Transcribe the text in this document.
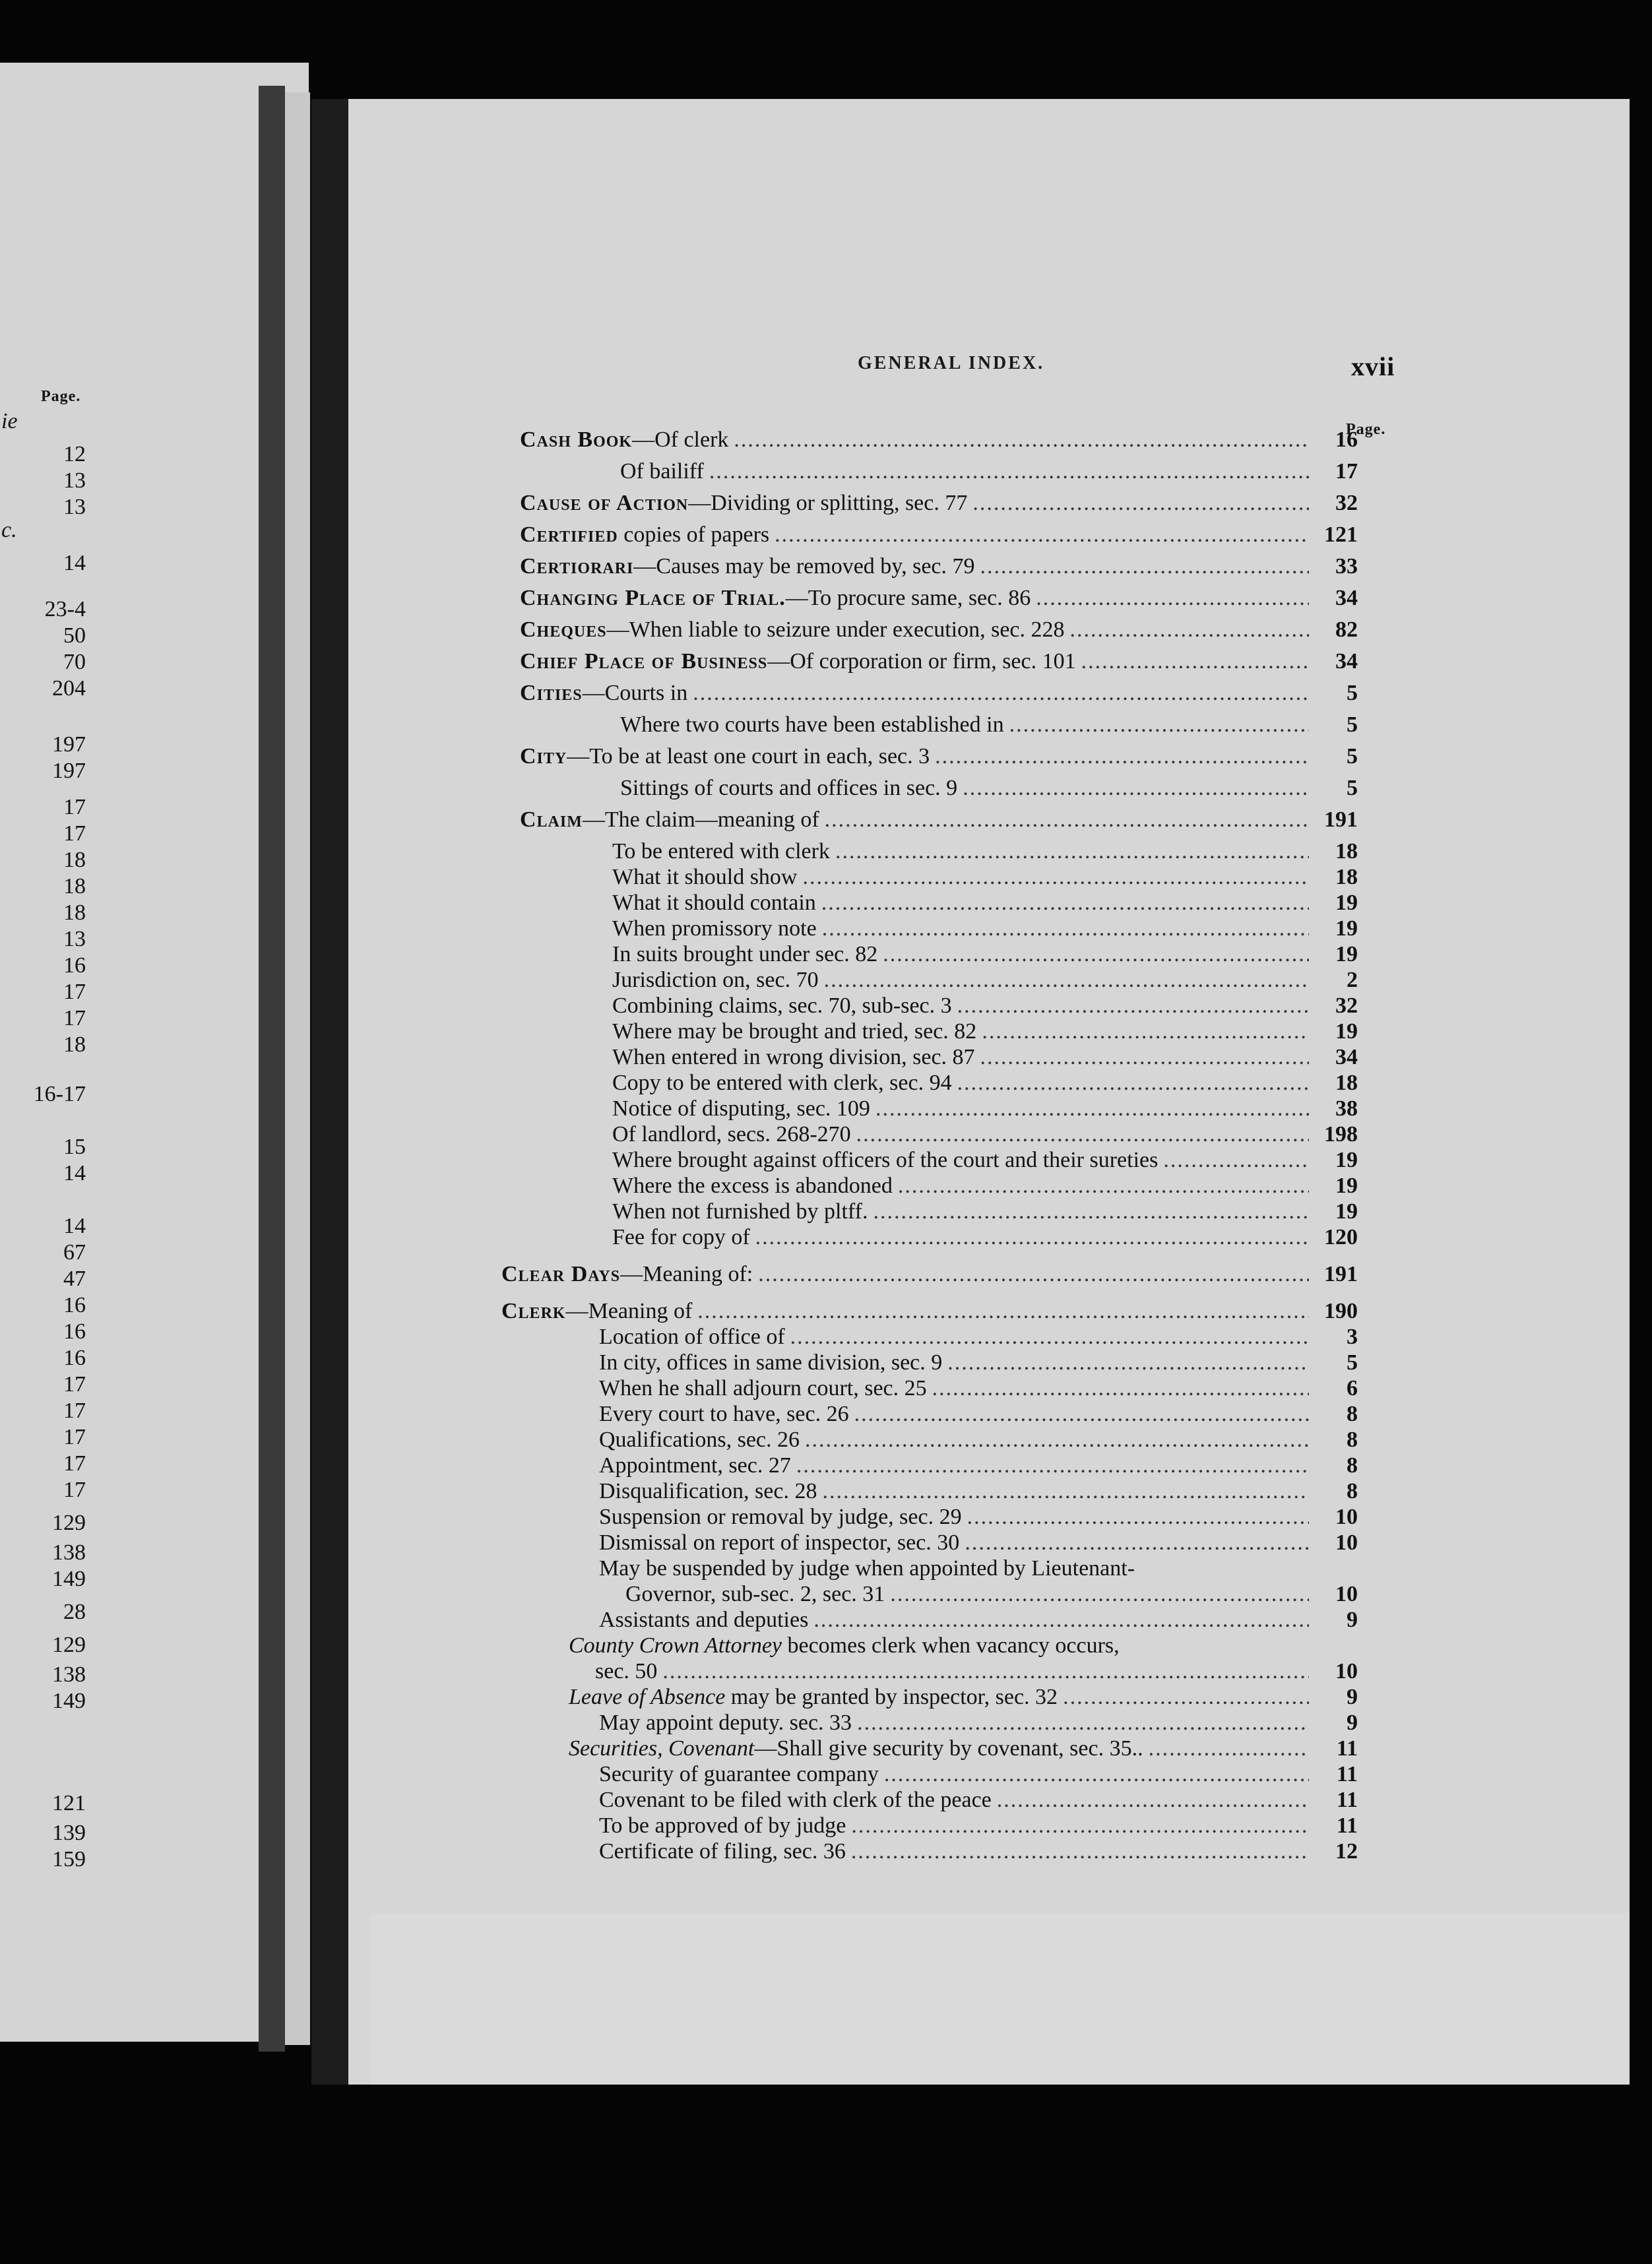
Page.
ie
c.
12
13
13
14
23-4
50
70
204
197
197
17
17
18
18
18
13
16
17
17
18
16-17
15
14
14
67
47
16
16
16
17
17
17
17
17
129
138
149
28
129
138
149
121
139
159
GENERAL INDEX.	xvii
Page.
Cash Book —Of clerk .....	16
Of bailiff .....	17
Cause of Action —Dividing or splitting, sec. 77 .....	32
Certified copies of papers .....	121
Certiorari —Causes may be removed by, sec. 79 .....	33
Changing Place of Trial. —To procure same, sec. 86 .....	34
Cheques —When liable to seizure under execution, sec. 228 .....	82
Chief Place of Business —Of corporation or firm, sec. 101 .....	34
Cities —Courts in .....	5
Where two courts have been established in .....	5
City —To be at least one court in each, sec. 3 .....	5
Sittings of courts and offices in sec. 9 .....	5
Claim —The claim—meaning of .....	191
To be entered with clerk .....	18
What it should show .....	18
What it should contain .....	19
When promissory note .....	19
In suits brought under sec. 82 .....	19
Jurisdiction on, sec. 70 .....	2
Combining claims, sec. 70, sub-sec. 3 .....	32
Where may be brought and tried, sec. 82 .....	19
When entered in wrong division, sec. 87 .....	34
Copy to be entered with clerk, sec. 94 .....	18
Notice of disputing, sec. 109 .....	38
Of landlord, secs. 268-270 .....	198
Where brought against officers of the court and their sureties .....	19
Where the excess is abandoned .....	19
When not furnished by pltff. .....	19
Fee for copy of .....	120
Clear Days —Meaning of: .....	191
Clerk —Meaning of .....	190
Location of office of .....	3
In city, offices in same division, sec. 9 .....	5
When he shall adjourn court, sec. 25 .....	6
Every court to have, sec. 26 .....	8
Qualifications, sec. 26 .....	8
Appointment, sec. 27 .....	8
Disqualification, sec. 28 .....	8
Suspension or removal by judge, sec. 29 .....	10
Dismissal on report of inspector, sec. 30 .....	10
May be suspended by judge when appointed by Lieutenant-
Governor, sub-sec. 2, sec. 31 .....	10
Assistants and deputies .....	9
County Crown Attorney becomes clerk when vacancy occurs,
sec. 50 .....	10
Leave of Absence may be granted by inspector, sec. 32 .....	9
May appoint deputy. sec. 33 .....	9
Securities, Covenant —Shall give security by covenant, sec. 35.. .....	11
Security of guarantee company .....	11
Covenant to be filed with clerk of the peace .....	11
To be approved of by judge .....	11
Certificate of filing, sec. 36 .....	12
